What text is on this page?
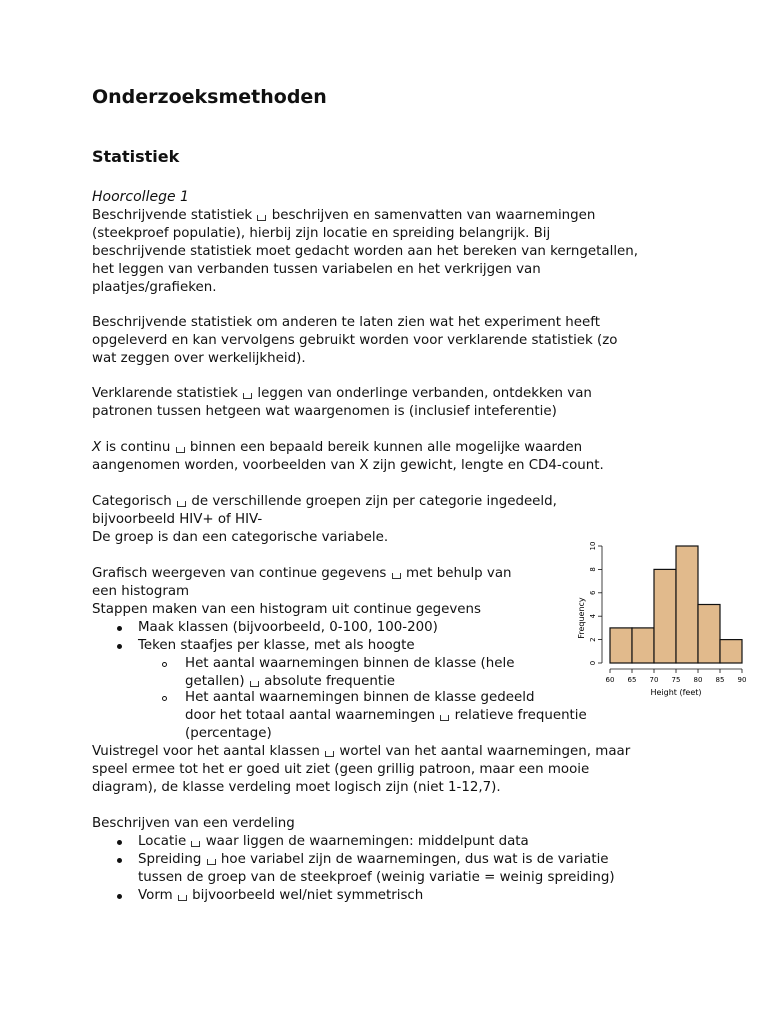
Onderzoeksmethoden
Statistiek
Hoorcollege 1
Beschrijvende statistiek beschrijven en samenvatten van waarnemingen
(steekproef populatie), hierbij zijn locatie en spreiding belangrijk. Bij
beschrijvende statistiek moet gedacht worden aan het bereken van kerngetallen,
het leggen van verbanden tussen variabelen en het verkrijgen van
plaatjes/grafieken.
Beschrijvende statistiek om anderen te laten zien wat het experiment heeft
opgeleverd en kan vervolgens gebruikt worden voor verklarende statistiek (zo
wat zeggen over werkelijkheid).
Verklarende statistiek leggen van onderlinge verbanden, ontdekken van
patronen tussen hetgeen wat waargenomen is (inclusief inteferentie)
X is continu binnen een bepaald bereik kunnen alle mogelijke waarden
aangenomen worden, voorbeelden van X zijn gewicht, lengte en CD4-count.
Categorisch de verschillende groepen zijn per categorie ingedeeld,
bijvoorbeeld HIV+ of HIV-
De groep is dan een categorische variabele.
Grafisch weergeven van continue gegevens met behulp van
een histogram
Stappen maken van een histogram uit continue gegevens
Maak klassen (bijvoorbeeld, 0-100, 100-200)
Teken staafjes per klasse, met als hoogte
Het aantal waarnemingen binnen de klasse (hele
getallen) absolute frequentie
Het aantal waarnemingen binnen de klasse gedeeld
door het totaal aantal waarnemingen relatieve frequentie
(percentage)
Vuistregel voor het aantal klassen wortel van het aantal waarnemingen, maar
speel ermee tot het er goed uit ziet (geen grillig patroon, maar een mooie
diagram), de klasse verdeling moet logisch zijn (niet 1-12,7).
Beschrijven van een verdeling
Locatie waar liggen de waarnemingen: middelpunt data
Spreiding hoe variabel zijn de waarnemingen, dus wat is de variatie
tussen de groep van de steekproef (weinig variatie = weinig spreiding)
Vorm bijvoorbeeld wel/niet symmetrisch
0
2
4
6
8
10
60 65 70 75 80 85 90
Frequency
Height (feet)
